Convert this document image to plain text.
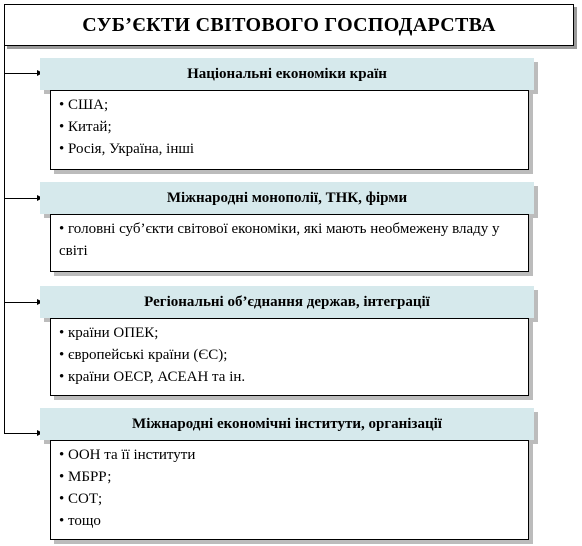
СУБ’ЄКТИ СВІТОВОГО ГОСПОДАРСТВА
Національні економіки країн
• США;
• Китай;
• Росія, Україна, інші
Міжнародні монополії, ТНК, фірми
• головні суб’єкти світової економіки, які мають необмежену владу у світі
Регіональні об’єднання держав, інтеграції
• країни ОПЕК;
• європейські країни (ЄС);
• країни ОЕСР, АСЕАН та ін.
Міжнародні економічні інститути, організації
• ООН та її інститути
• МБРР;
• СОТ;
• тощо
